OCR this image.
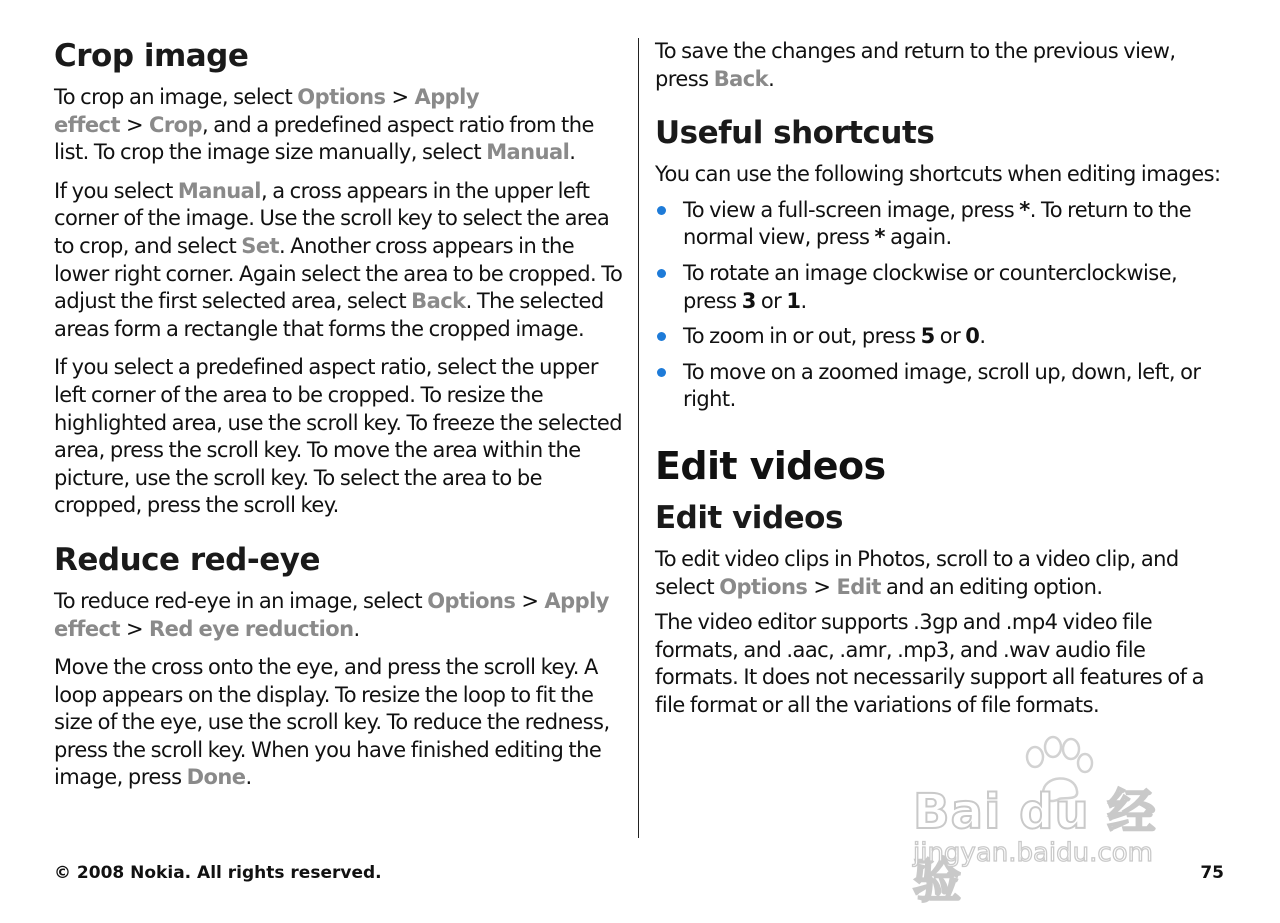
Crop image

To crop an image, select Options > Apply effect > Crop, and a predefined aspect ratio from the list. To crop the image size manually, select Manual.

If you select Manual, a cross appears in the upper left corner of the image. Use the scroll key to select the area to crop, and select Set. Another cross appears in the lower right corner. Again select the area to be cropped. To adjust the first selected area, select Back. The selected areas form a rectangle that forms the cropped image.

If you select a predefined aspect ratio, select the upper left corner of the area to be cropped. To resize the highlighted area, use the scroll key. To freeze the selected area, press the scroll key. To move the area within the picture, use the scroll key. To select the area to be cropped, press the scroll key.

Reduce red-eye

To reduce red-eye in an image, select Options > Apply effect > Red eye reduction.

Move the cross onto the eye, and press the scroll key. A loop appears on the display. To resize the loop to fit the size of the eye, use the scroll key. To reduce the redness, press the scroll key. When you have finished editing the image, press Done.

To save the changes and return to the previous view, press Back.

Useful shortcuts

You can use the following shortcuts when editing images:

To view a full-screen image, press *. To return to the normal view, press * again.
To rotate an image clockwise or counterclockwise, press 3 or 1.
To zoom in or out, press 5 or 0.
To move on a zoomed image, scroll up, down, left, or right.
Edit videos
Edit videos

To edit video clips in Photos, scroll to a video clip, and select Options > Edit and an editing option.

The video editor supports .3gp and .mp4 video file formats, and .aac, .amr, .mp3, and .wav audio file formats. It does not necessarily support all features of a file format or all the variations of file formats.

Bai du 经验
jingyan.baidu.com
© 2008 Nokia. All rights reserved.	75
